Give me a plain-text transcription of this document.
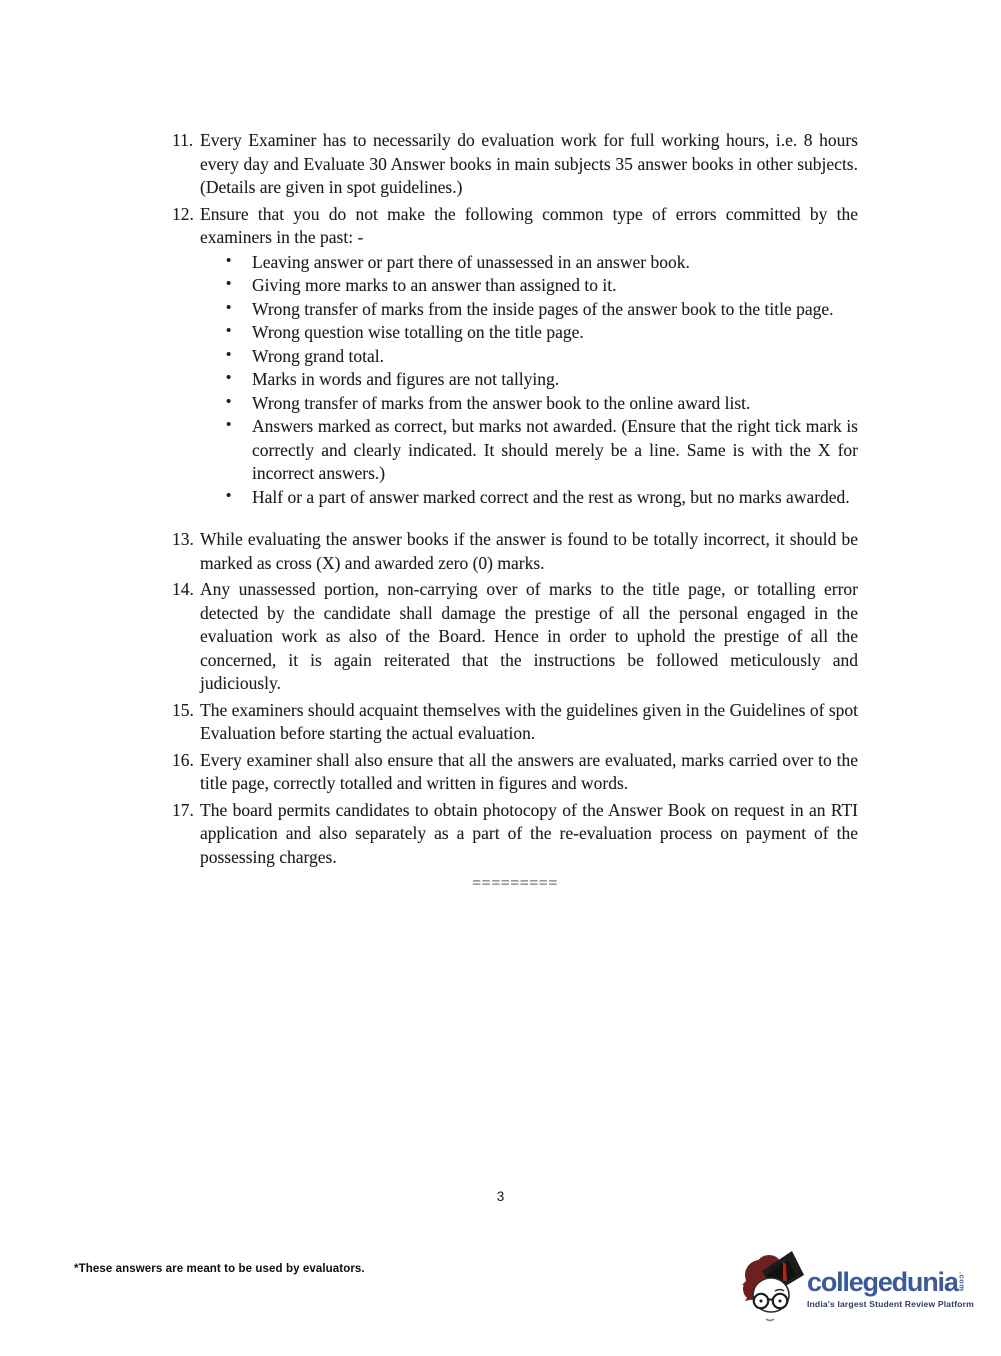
11. Every Examiner has to necessarily do evaluation work for full working hours, i.e. 8 hours every day and Evaluate 30 Answer books in main subjects 35 answer books in other subjects. (Details are given in spot guidelines.)
12. Ensure that you do not make the following common type of errors committed by the examiners in the past: -
• Leaving answer or part there of unassessed in an answer book.
• Giving more marks to an answer than assigned to it.
• Wrong transfer of marks from the inside pages of the answer book to the title page.
• Wrong question wise totalling on the title page.
• Wrong grand total.
• Marks in words and figures are not tallying.
• Wrong transfer of marks from the answer book to the online award list.
• Answers marked as correct, but marks not awarded. (Ensure that the right tick mark is correctly and clearly indicated. It should merely be a line. Same is with the X for incorrect answers.)
• Half or a part of answer marked correct and the rest as wrong, but no marks awarded.
13. While evaluating the answer books if the answer is found to be totally incorrect, it should be marked as cross (X) and awarded zero (0) marks.
14. Any unassessed portion, non-carrying over of marks to the title page, or totalling error detected by the candidate shall damage the prestige of all the personal engaged in the evaluation work as also of the Board. Hence in order to uphold the prestige of all the concerned, it is again reiterated that the instructions be followed meticulously and judiciously.
15. The examiners should acquaint themselves with the guidelines given in the Guidelines of spot Evaluation before starting the actual evaluation.
16. Every examiner shall also ensure that all the answers are evaluated, marks carried over to the title page, correctly totalled and written in figures and words.
17. The board permits candidates to obtain photocopy of the Answer Book on request in an RTI application and also separately as a part of the re-evaluation process on payment of the possessing charges.
=========
3
*These answers are meant to be used by evaluators.	collegedunia .com
India's largest Student Review Platform
